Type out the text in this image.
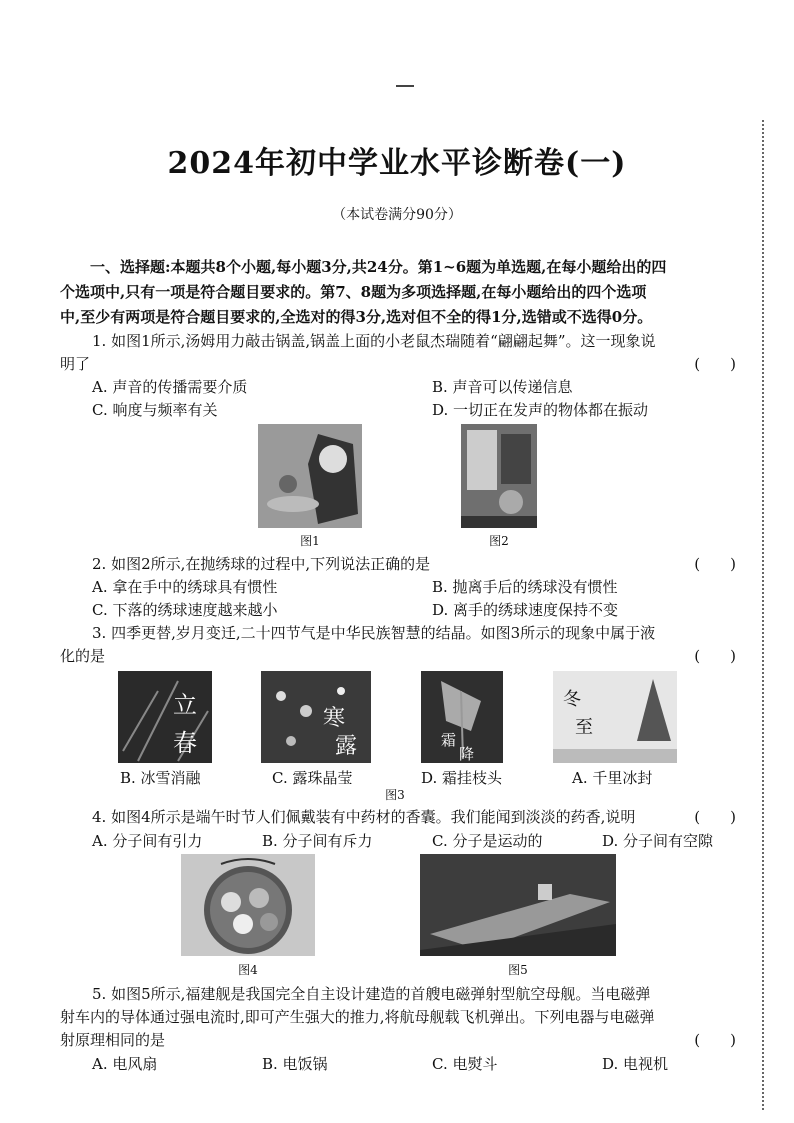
2024年初中学业水平诊断卷(一)
（本试卷满分90分）
一、选择题:本题共8个小题,每小题3分,共24分。第1~6题为单选题,在每小题给出的四
个选项中,只有一项是符合题目要求的。第7、8题为多项选择题,在每小题给出的四个选项
中,至少有两项是符合题目要求的,全选对的得3分,选对但不全的得1分,选错或不选得0分。
1. 如图1所示,汤姆用力敲击锅盖,锅盖上面的小老鼠杰瑞随着“翩翩起舞”。这一现象说
明了	(　　)
A. 声音的传播需要介质	B. 声音可以传递信息
C. 响度与频率有关	D. 一切正在发声的物体都在振动
图1	图2
2. 如图2所示,在抛绣球的过程中,下列说法正确的是	(　　)
A. 拿在手中的绣球具有惯性	B. 抛离手后的绣球没有惯性
C. 下落的绣球速度越来越小	D. 离手的绣球速度保持不变
3. 四季更替,岁月变迁,二十四节气是中华民族智慧的结晶。如图3所示的现象中属于液
化的是	(　　)
立
春
寒
露	霜
降
冬
至
B. 冰雪消融	C. 露珠晶莹	D. 霜挂枝头	A. 千里冰封
图3
4. 如图4所示是端午时节人们佩戴装有中药材的香囊。我们能闻到淡淡的药香,说明	(　　)
A. 分子间有引力	B. 分子间有斥力	C. 分子是运动的	D. 分子间有空隙
图4	图5
5. 如图5所示,福建舰是我国完全自主设计建造的首艘电磁弹射型航空母舰。当电磁弹
射车内的导体通过强电流时,即可产生强大的推力,将航母舰载飞机弹出。下列电器与电磁弹
射原理相同的是	(　　)
A. 电风扇	B. 电饭锅	C. 电熨斗	D. 电视机
